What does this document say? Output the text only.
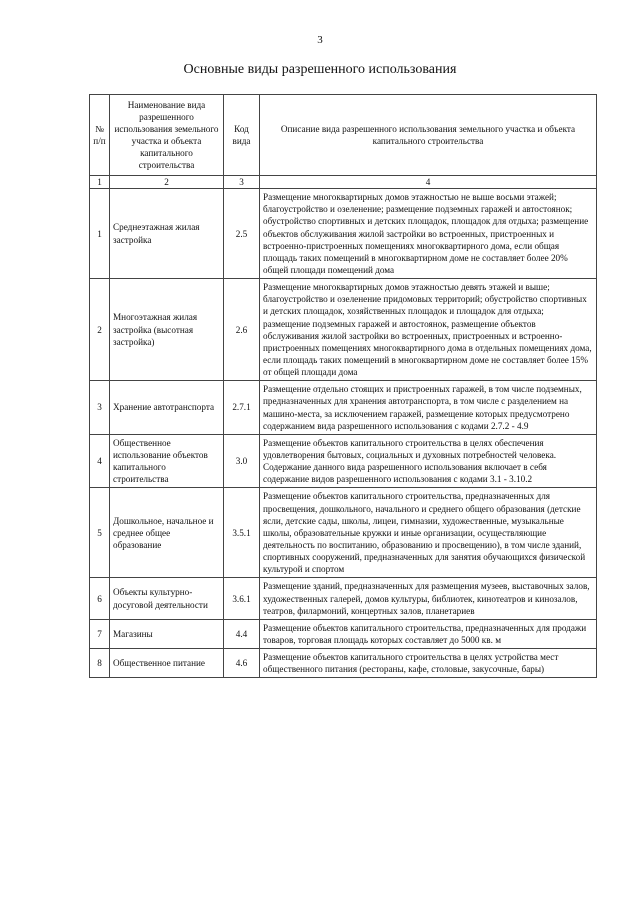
3
Основные виды разрешенного использования
№ п/п	Наименование вида разрешенного использования земельного участка и объекта капитального строительства	Код вида	Описание вида разрешенного использования земельного участка и объекта капитального строительства
1	2	3	4
1	Среднеэтажная жилая застройка	2.5	Размещение многоквартирных домов этажностью не выше восьми этажей; благоустройство и озеленение; размещение подземных гаражей и автостоянок; обустройство спортивных и детских площадок, площадок для отдыха; размещение объектов обслуживания жилой застройки во встроенных, пристроенных и встроенно-пристроенных помещениях многоквартирного дома, если общая площадь таких помещений в многоквартирном доме не составляет более 20% общей площади помещений дома
2	Многоэтажная жилая застройка (высотная застройка)	2.6	Размещение многоквартирных домов этажностью девять этажей и выше; благоустройство и озеленение придомовых территорий; обустройство спортивных и детских площадок, хозяйственных площадок и площадок для отдыха; размещение подземных гаражей и автостоянок, размещение объектов обслуживания жилой застройки во встроенных, пристроенных и встроенно-пристроенных помещениях многоквартирного дома в отдельных помещениях дома, если площадь таких помещений в многоквартирном доме не составляет более 15% от общей площади дома
3	Хранение автотранспорта	2.7.1	Размещение отдельно стоящих и пристроенных гаражей, в том числе подземных, предназначенных для хранения автотранспорта, в том числе с разделением на машино-места, за исключением гаражей, размещение которых предусмотрено содержанием вида разрешенного использования с кодами 2.7.2 - 4.9
4	Общественное использование объектов капитального строительства	3.0	Размещение объектов капитального строительства в целях обеспечения удовлетворения бытовых, социальных и духовных потребностей человека. Содержание данного вида разрешенного использования включает в себя содержание видов разрешенного использования с кодами 3.1 - 3.10.2
5	Дошкольное, начальное и среднее общее образование	3.5.1	Размещение объектов капитального строительства, предназначенных для просвещения, дошкольного, начального и среднего общего образования (детские ясли, детские сады, школы, лицеи, гимназии, художественные, музыкальные школы, образовательные кружки и иные организации, осуществляющие деятельность по воспитанию, образованию и просвещению), в том числе зданий, спортивных сооружений, предназначенных для занятия обучающихся физической культурой и спортом
6	Объекты культурно-досуговой деятельности	3.6.1	Размещение зданий, предназначенных для размещения музеев, выставочных залов, художественных галерей, домов культуры, библиотек, кинотеатров и кинозалов, театров, филармоний, концертных залов, планетариев
7	Магазины	4.4	Размещение объектов капитального строительства, предназначенных для продажи товаров, торговая площадь которых составляет до 5000 кв. м
8	Общественное питание	4.6	Размещение объектов капитального строительства в целях устройства мест общественного питания (рестораны, кафе, столовые, закусочные, бары)
